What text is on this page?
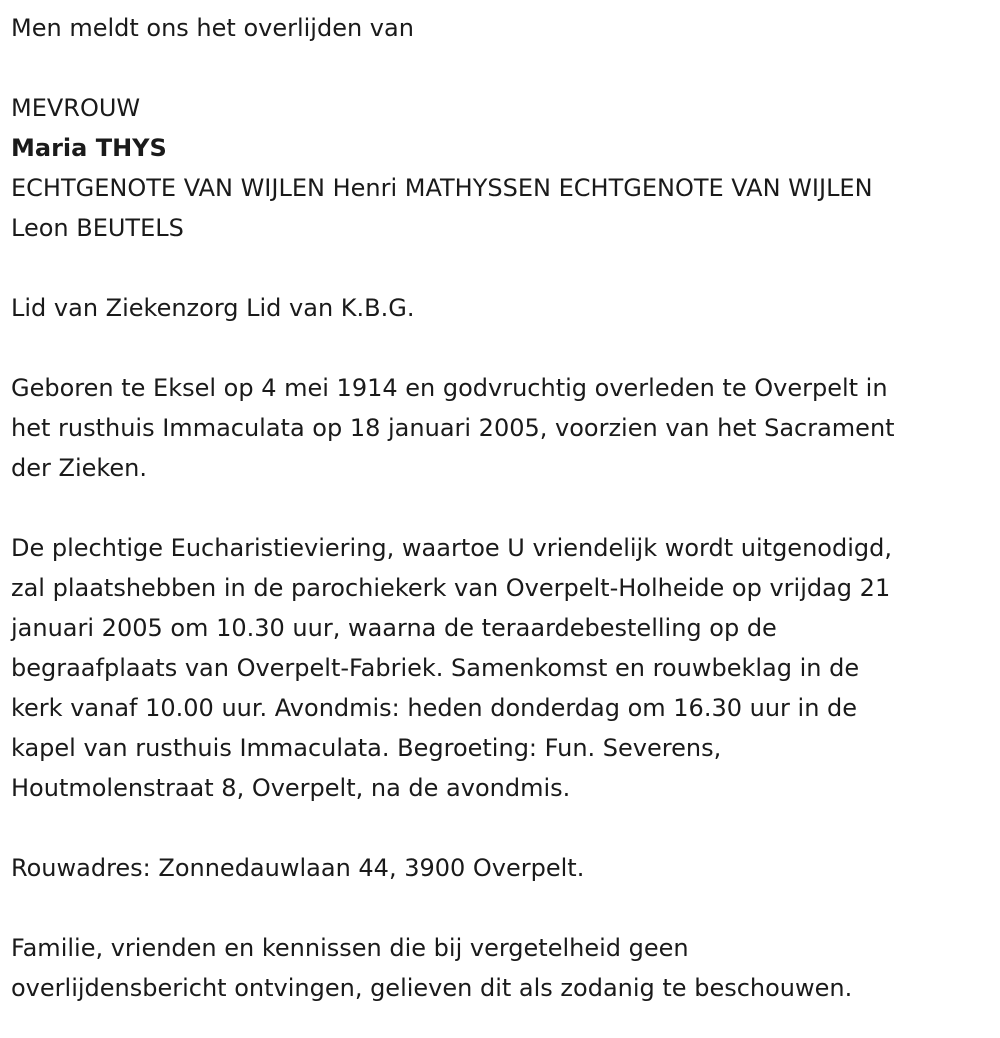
Men meldt ons het overlijden van

MEVROUW

Maria THYS

ECHTGENOTE VAN WIJLEN Henri MATHYSSEN ECHTGENOTE VAN WIJLEN

Leon BEUTELS

Lid van Ziekenzorg Lid van K.B.G.

Geboren te Eksel op 4 mei 1914 en godvruchtig overleden te Overpelt in
het rusthuis Immaculata op 18 januari 2005, voorzien van het Sacrament
der Zieken.

De plechtige Eucharistieviering, waartoe U vriendelijk wordt uitgenodigd,
zal plaatshebben in de parochiekerk van Overpelt-Holheide op vrijdag 21
januari 2005 om 10.30 uur, waarna de teraardebestelling op de
begraafplaats van Overpelt-Fabriek. Samenkomst en rouwbeklag in de
kerk vanaf 10.00 uur. Avondmis: heden donderdag om 16.30 uur in de
kapel van rusthuis Immaculata. Begroeting: Fun. Severens,
Houtmolenstraat 8, Overpelt, na de avondmis.

Rouwadres: Zonnedauwlaan 44, 3900 Overpelt.

Familie, vrienden en kennissen die bij vergetelheid geen
overlijdensbericht ontvingen, gelieven dit als zodanig te beschouwen.
